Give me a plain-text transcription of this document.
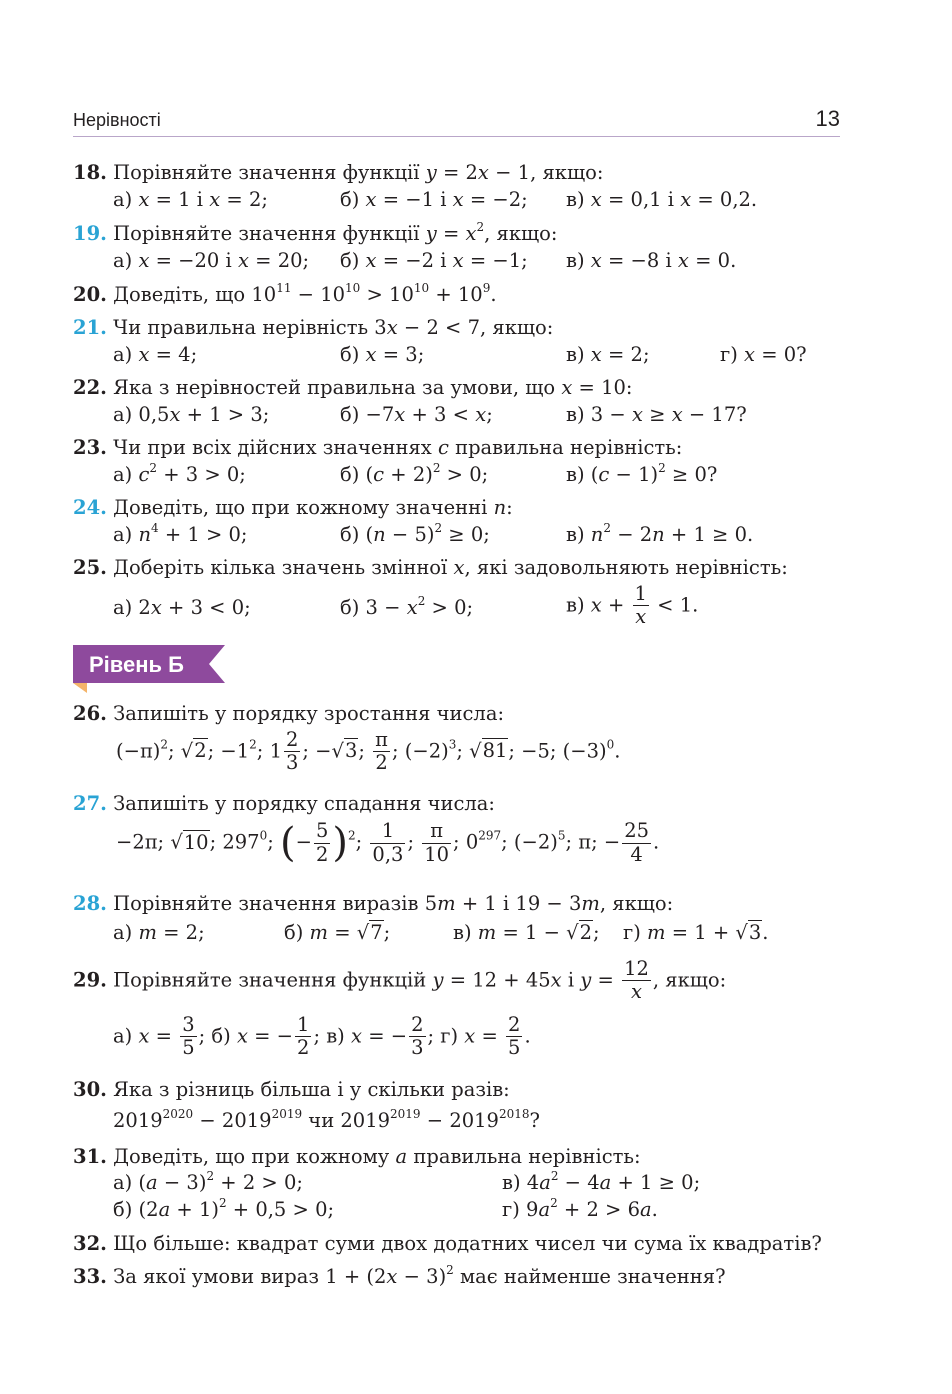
Нерівності	13
18. Порівняйте значення функції y = 2x − 1, якщо:
а) x = 1 і x = 2;	б) x = −1 і x = −2; в) x = 0,1 і x = 0,2.
19. Порівняйте значення функції $y = x^2$, якщо:
а) x = −20 і x = 20; б) x = −2 і x = −1; в) x = −8 і x = 0.
20. Доведіть, що $10^{11} - 10^{10} > 10^{10} + 10^9$.
21. Чи правильна нерівність 3x − 2 < 7, якщо:
а) x = 4;	б) x = 3;	в) x = 2;	г) x = 0?
22. Яка з нерівностей правильна за умови, що x = 10:
а) 0,5x + 1 > 3;	б) −7x + 3 < x;	в) 3 − x ≥ x − 17?
23. Чи при всіх дійсних значеннях c правильна нерівність:
а) $c^2 + 3 > 0$;	б) $(c + 2)^2 > 0$;	в) $(c - 1)^2 \ge 0$?
24. Доведіть, що при кожному значенні n:
а) $n^4 + 1 > 0$;	б) $(n - 5)^2 \ge 0$;	в) $n^2 - 2n + 1 \ge 0$.
25. Доберіть кілька значень змінної x, які задовольняють нерівність:
а) 2x + 3 < 0;	б) $3 - x^2 > 0$;	в) $x + \frac{1}{x} < 1$.
Рівень Б
26. Запишіть у порядку зростання числа:
$(-\pi)^2$; √2; $-1^2$; $1 \frac{2}{3}$ ; −√3; $\frac{\pi}{2}$ ; $(-2)^3$; √81; −5; $(-3)^0$.
27. Запишіть у порядку спадання числа:
−2π; √10; $297^0$; (− $\frac{5}{2} )^2$; $\frac{1}{0,3}$ ; $\frac{\pi}{10}$ ; $0^{297}$; $(-2)^5$; π; − $\frac{25}{4}$ .
28. Порівняйте значення виразів 5m + 1 і 19 − 3m, якщо:
а) m = 2;	б) m = √7;	в) m = 1 − √2; г) m = 1 + √3.
29. Порівняйте значення функцій y = 12 + 45x і $y = \frac{12}{x}$ , якщо:
а) $x = \frac{3}{5}$ ; б) x = − $\frac{1}{2}$ ; в) x = − $\frac{2}{3}$ ; г) $x = \frac{2}{5}$ .
30. Яка з різниць більша і у скільки разів:
$2019^{2020} - 2019^{2019}$ чи $2019^{2019} - 2019^{2018}$?
31. Доведіть, що при кожному a правильна нерівність:
а) $(a - 3)^2 + 2 > 0$;	в) $4a^2 - 4a + 1 \ge 0$;
б) $(2a + 1)^2 + 0,5 > 0$;	г) $9a^2 + 2 > 6a$.
32. Що більше: квадрат суми двох додатних чисел чи сума їх квадратів?
33. За якої умови вираз $1 + (2x - 3)^2$ має найменше значення?
